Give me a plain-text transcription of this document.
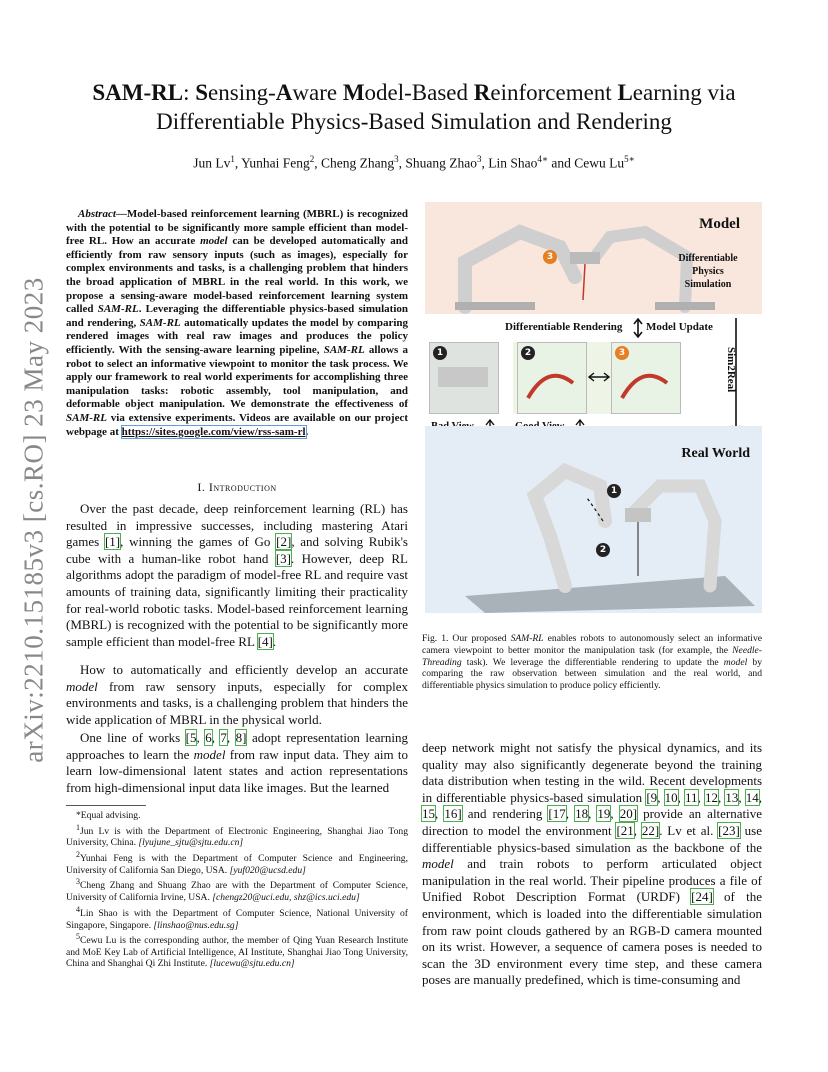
arXiv:2210.15185v3 [cs.RO] 23 May 2023
SAM-RL: Sensing-Aware Model-Based Reinforcement Learning via
Differentiable Physics-Based Simulation and Rendering
Jun Lv$^1$, Yunhai Feng$^2$, Cheng Zhang$^3$, Shuang Zhao$^3$, Lin Shao$^{4∗}$ and Cewu $Lu^{5∗}$
Abstract—Model-based reinforcement learning (MBRL) is recognized with the potential to be significantly more sample efficient than model-free RL. How an accurate model can be developed automatically and efficiently from raw sensory inputs (such as images), especially for complex environments and tasks, is a challenging problem that hinders the broad application of MBRL in the real world. In this work, we propose a sensing-aware model-based reinforcement learning system called SAM-RL. Leveraging the differentiable physics-based simulation and rendering, SAM-RL automatically updates the model by comparing rendered images with real raw images and produces the policy efficiently. With the sensing-aware learning pipeline, SAM-RL allows a robot to select an informative viewpoint to monitor the task process. We apply our framework to real world experiments for accomplishing three manipulation tasks: robotic assembly, tool manipulation, and deformable object manipulation. We demonstrate the effectiveness of SAM-RL via extensive experiments. Videos are available on our project webpage at https://sites.google.com/view/rss-sam-rl.
I. Introduction
Over the past decade, deep reinforcement learning (RL) has resulted in impressive successes, including mastering Atari games [1], winning the games of Go [2], and solving Rubik's cube with a human-like robot hand [3]. However, deep RL algorithms adopt the paradigm of model-free RL and require vast amounts of training data, significantly limiting their practicality for real-world robotic tasks. Model-based reinforcement learning (MBRL) is recognized with the potential to be significantly more sample efficient than model-free RL [4].
How to automatically and efficiently develop an accurate model from raw sensory inputs, especially for complex environments and tasks, is a challenging problem that hinders the wide application of MBRL in the physical world.
One line of works [5, 6, 7, 8] adopt representation learning approaches to learn the model from raw input data. They aim to learn low-dimensional latent states and action representations from high-dimensional input data like images. But the learned

*Equal advising.

$^1$Jun Lv is with the Department of Electronic Engineering, Shanghai Jiao Tong University, China. [lyujune_sjtu@sjtu.edu.cn]

$^2$Yunhai Feng is with the Department of Computer Science and Engineering, University of California San Diego, USA. [yuf020@ucsd.edu]

$^3$Cheng Zhang and Shuang Zhao are with the Department of Computer Science, University of California Irvine, USA. [chengz20@uci.edu, shz@ics.uci.edu]

$^4$Lin Shao is with the Department of Computer Science, National University of Singapore, Singapore. [linshao@nus.edu.sg]

$^5$Cewu Lu is the corresponding author, the member of Qing Yuan Research Institute and MoE Key Lab of Artificial Intelligence, AI Institute, Shanghai Jiao Tong University, China and Shanghai Qi Zhi Institute. [lucewu@sjtu.edu.cn]

3
Model
Differentiable Physics Simulation
Differentiable Rendering Model Update
Sim2Real
1	2	3
1
2
Real World
Fig. 1. Our proposed SAM-RL enables robots to autonomously select an informative camera viewpoint to better monitor the manipulation task (for example, the Needle-Threading task). We leverage the differentiable rendering to update the model by comparing the raw observation between simulation and the real world, and differentiable physics simulation to produce policy efficiently.
deep network might not satisfy the physical dynamics, and its quality may also significantly degenerate beyond the training data distribution when testing in the wild. Recent developments in differentiable physics-based simulation [9, 10, 11, 12, 13, 14, 15, 16] and rendering [17, 18, 19, 20] provide an alternative direction to model the environment [21, 22]. Lv et al. [23] use differentiable physics-based simulation as the backbone of the model and train robots to perform articulated object manipulation in the real world. Their pipeline produces a file of Unified Robot Description Format (URDF) [24] of the environment, which is loaded into the differentiable simulation from raw point clouds gathered by an RGB-D camera mounted on its wrist. However, a sequence of camera poses is needed to scan the 3D environment every time step, and these camera poses are manually predefined, which is time-consuming and
